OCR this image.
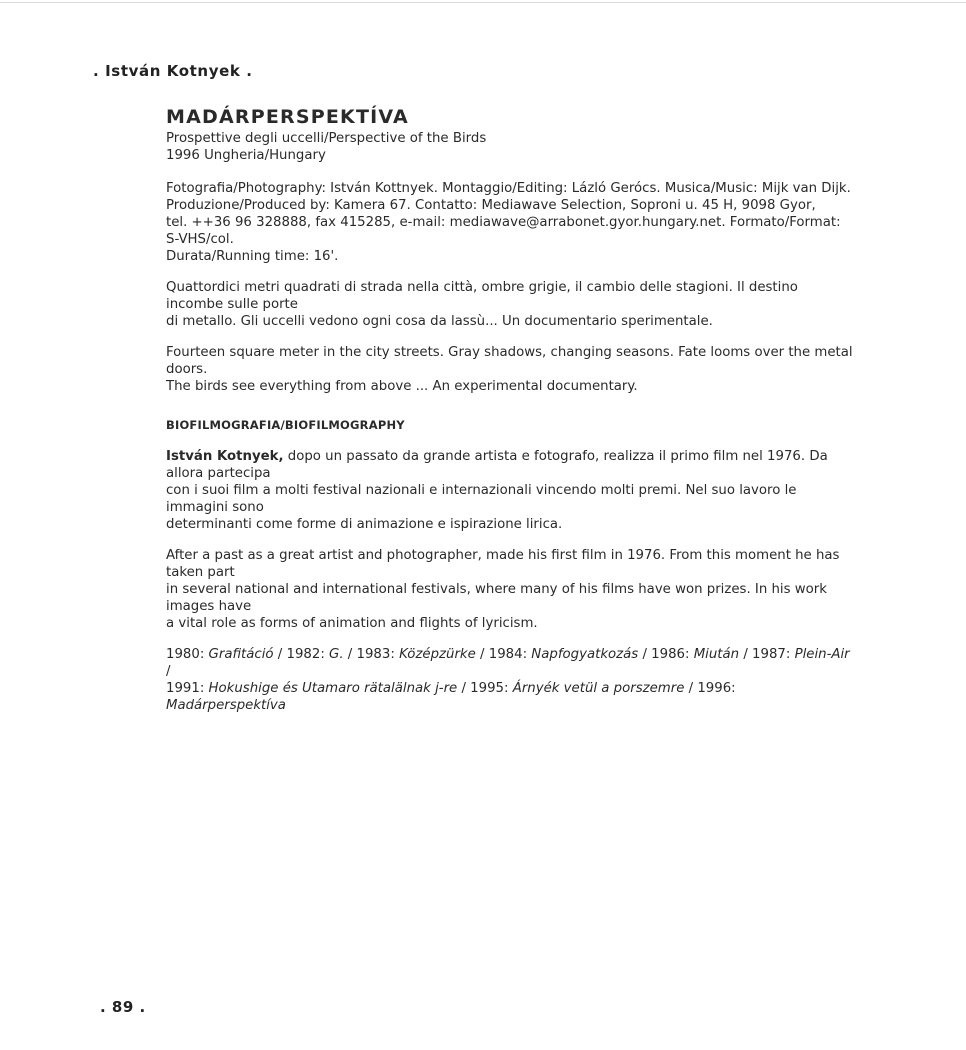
. István Kotnyek .
MADÁRPERSPEKTÍVA

Prospettive degli uccelli/Perspective of the Birds

1996 Ungheria/Hungary

Fotografia/Photography: István Kottnyek. Montaggio/Editing: Lázló Gerócs. Musica/Music: Mijk van Dijk.

Produzione/Produced by: Kamera 67. Contatto: Mediawave Selection, Soproni u. 45 H, 9098 Gyor,

tel. ++36 96 328888, fax 415285, e-mail: mediawave@arrabonet.gyor.hungary.net. Formato/Format: S-VHS/col.

Durata/Running time: 16'.

Quattordici metri quadrati di strada nella città, ombre grigie, il cambio delle stagioni. Il destino incombe sulle porte

di metallo. Gli uccelli vedono ogni cosa da lassù... Un documentario sperimentale.

Fourteen square meter in the city streets. Gray shadows, changing seasons. Fate looms over the metal doors.

The birds see everything from above ... An experimental documentary.

BIOFILMOGRAFIA/BIOFILMOGRAPHY

István Kotnyek, dopo un passato da grande artista e fotografo, realizza il primo film nel 1976. Da allora partecipa

con i suoi film a molti festival nazionali e internazionali vincendo molti premi. Nel suo lavoro le immagini sono

determinanti come forme di animazione e ispirazione lirica.

After a past as a great artist and photographer, made his first film in 1976. From this moment he has taken part

in several national and international festivals, where many of his films have won prizes. In his work images have

a vital role as forms of animation and flights of lyricism.

1980: Grafitáció / 1982: G. / 1983: Középzürke / 1984: Napfogyatkozás / 1986: Miután / 1987: Plein-Air /
1991: Hokushige és Utamaro rätalälnak j-re / 1995: Árnyék vetül a porszemre / 1996: Madárperspektíva
. 89 .
